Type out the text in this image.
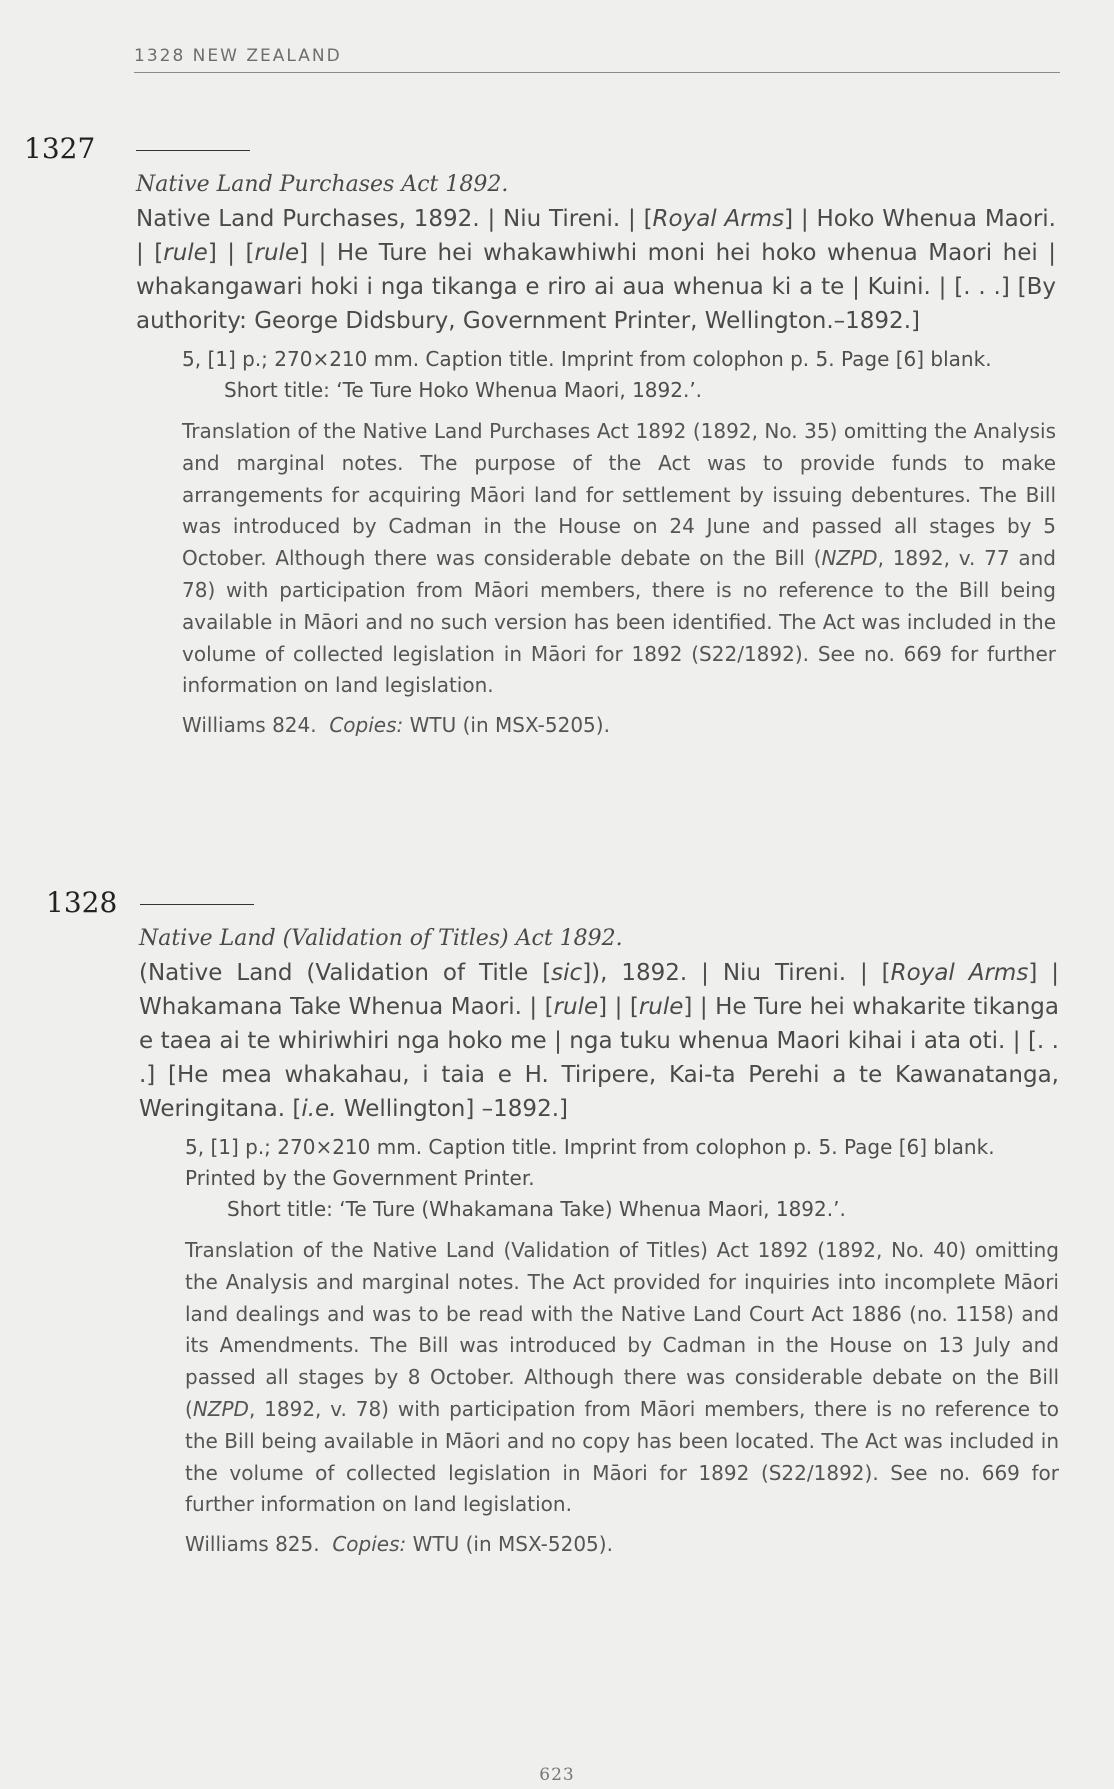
1328 NEW ZEALAND
1327
Native Land Purchases Act 1892.
Native Land Purchases, 1892. | Niu Tireni. | [Royal Arms] | Hoko Whenua Maori. | [rule] | [rule] | He Ture hei whakawhiwhi moni hei hoko whenua Maori hei | whakangawari hoki i nga tikanga e riro ai aua whenua ki a te | Kuini. | [. . .] [By authority: George Didsbury, Government Printer, Wellington.–1892.]
5, [1] p.; 270×210 mm. Caption title. Imprint from colophon p. 5. Page [6] blank.
Short title: ‘Te Ture Hoko Whenua Maori, 1892.’.
Translation of the Native Land Purchases Act 1892 (1892, No. 35) omitting the Analysis and marginal notes. The purpose of the Act was to provide funds to make arrangements for acquiring Māori land for settlement by issuing debentures. The Bill was introduced by Cadman in the House on 24 June and passed all stages by 5 October. Although there was considerable debate on the Bill (NZPD, 1892, v. 77 and 78) with participation from Māori members, there is no reference to the Bill being available in Māori and no such version has been identified. The Act was included in the volume of collected legislation in Māori for 1892 (S22/1892). See no. 669 for further information on land legislation.
Williams 824. Copies: WTU (in MSX-5205).
1328
Native Land (Validation of Titles) Act 1892.
(Native Land (Validation of Title [sic]), 1892. | Niu Tireni. | [Royal Arms] | Whakamana Take Whenua Maori. | [rule] | [rule] | He Ture hei whakarite tikanga e taea ai te whiriwhiri nga hoko me | nga tuku whenua Maori kihai i ata oti. | [. . .] [He mea whakahau, i taia e H. Tiripere, Kai-ta Perehi a te Kawanatanga, Weringitana. [i.e. Wellington] –1892.]
5, [1] p.; 270×210 mm. Caption title. Imprint from colophon p. 5. Page [6] blank. Printed by the Government Printer.
Short title: ‘Te Ture (Whakamana Take) Whenua Maori, 1892.’.
Translation of the Native Land (Validation of Titles) Act 1892 (1892, No. 40) omitting the Analysis and marginal notes. The Act provided for inquiries into incomplete Māori land dealings and was to be read with the Native Land Court Act 1886 (no. 1158) and its Amendments. The Bill was introduced by Cadman in the House on 13 July and passed all stages by 8 October. Although there was considerable debate on the Bill (NZPD, 1892, v. 78) with participation from Māori members, there is no reference to the Bill being available in Māori and no copy has been located. The Act was included in the volume of collected legislation in Māori for 1892 (S22/1892). See no. 669 for further information on land legislation.
Williams 825. Copies: WTU (in MSX-5205).
623
